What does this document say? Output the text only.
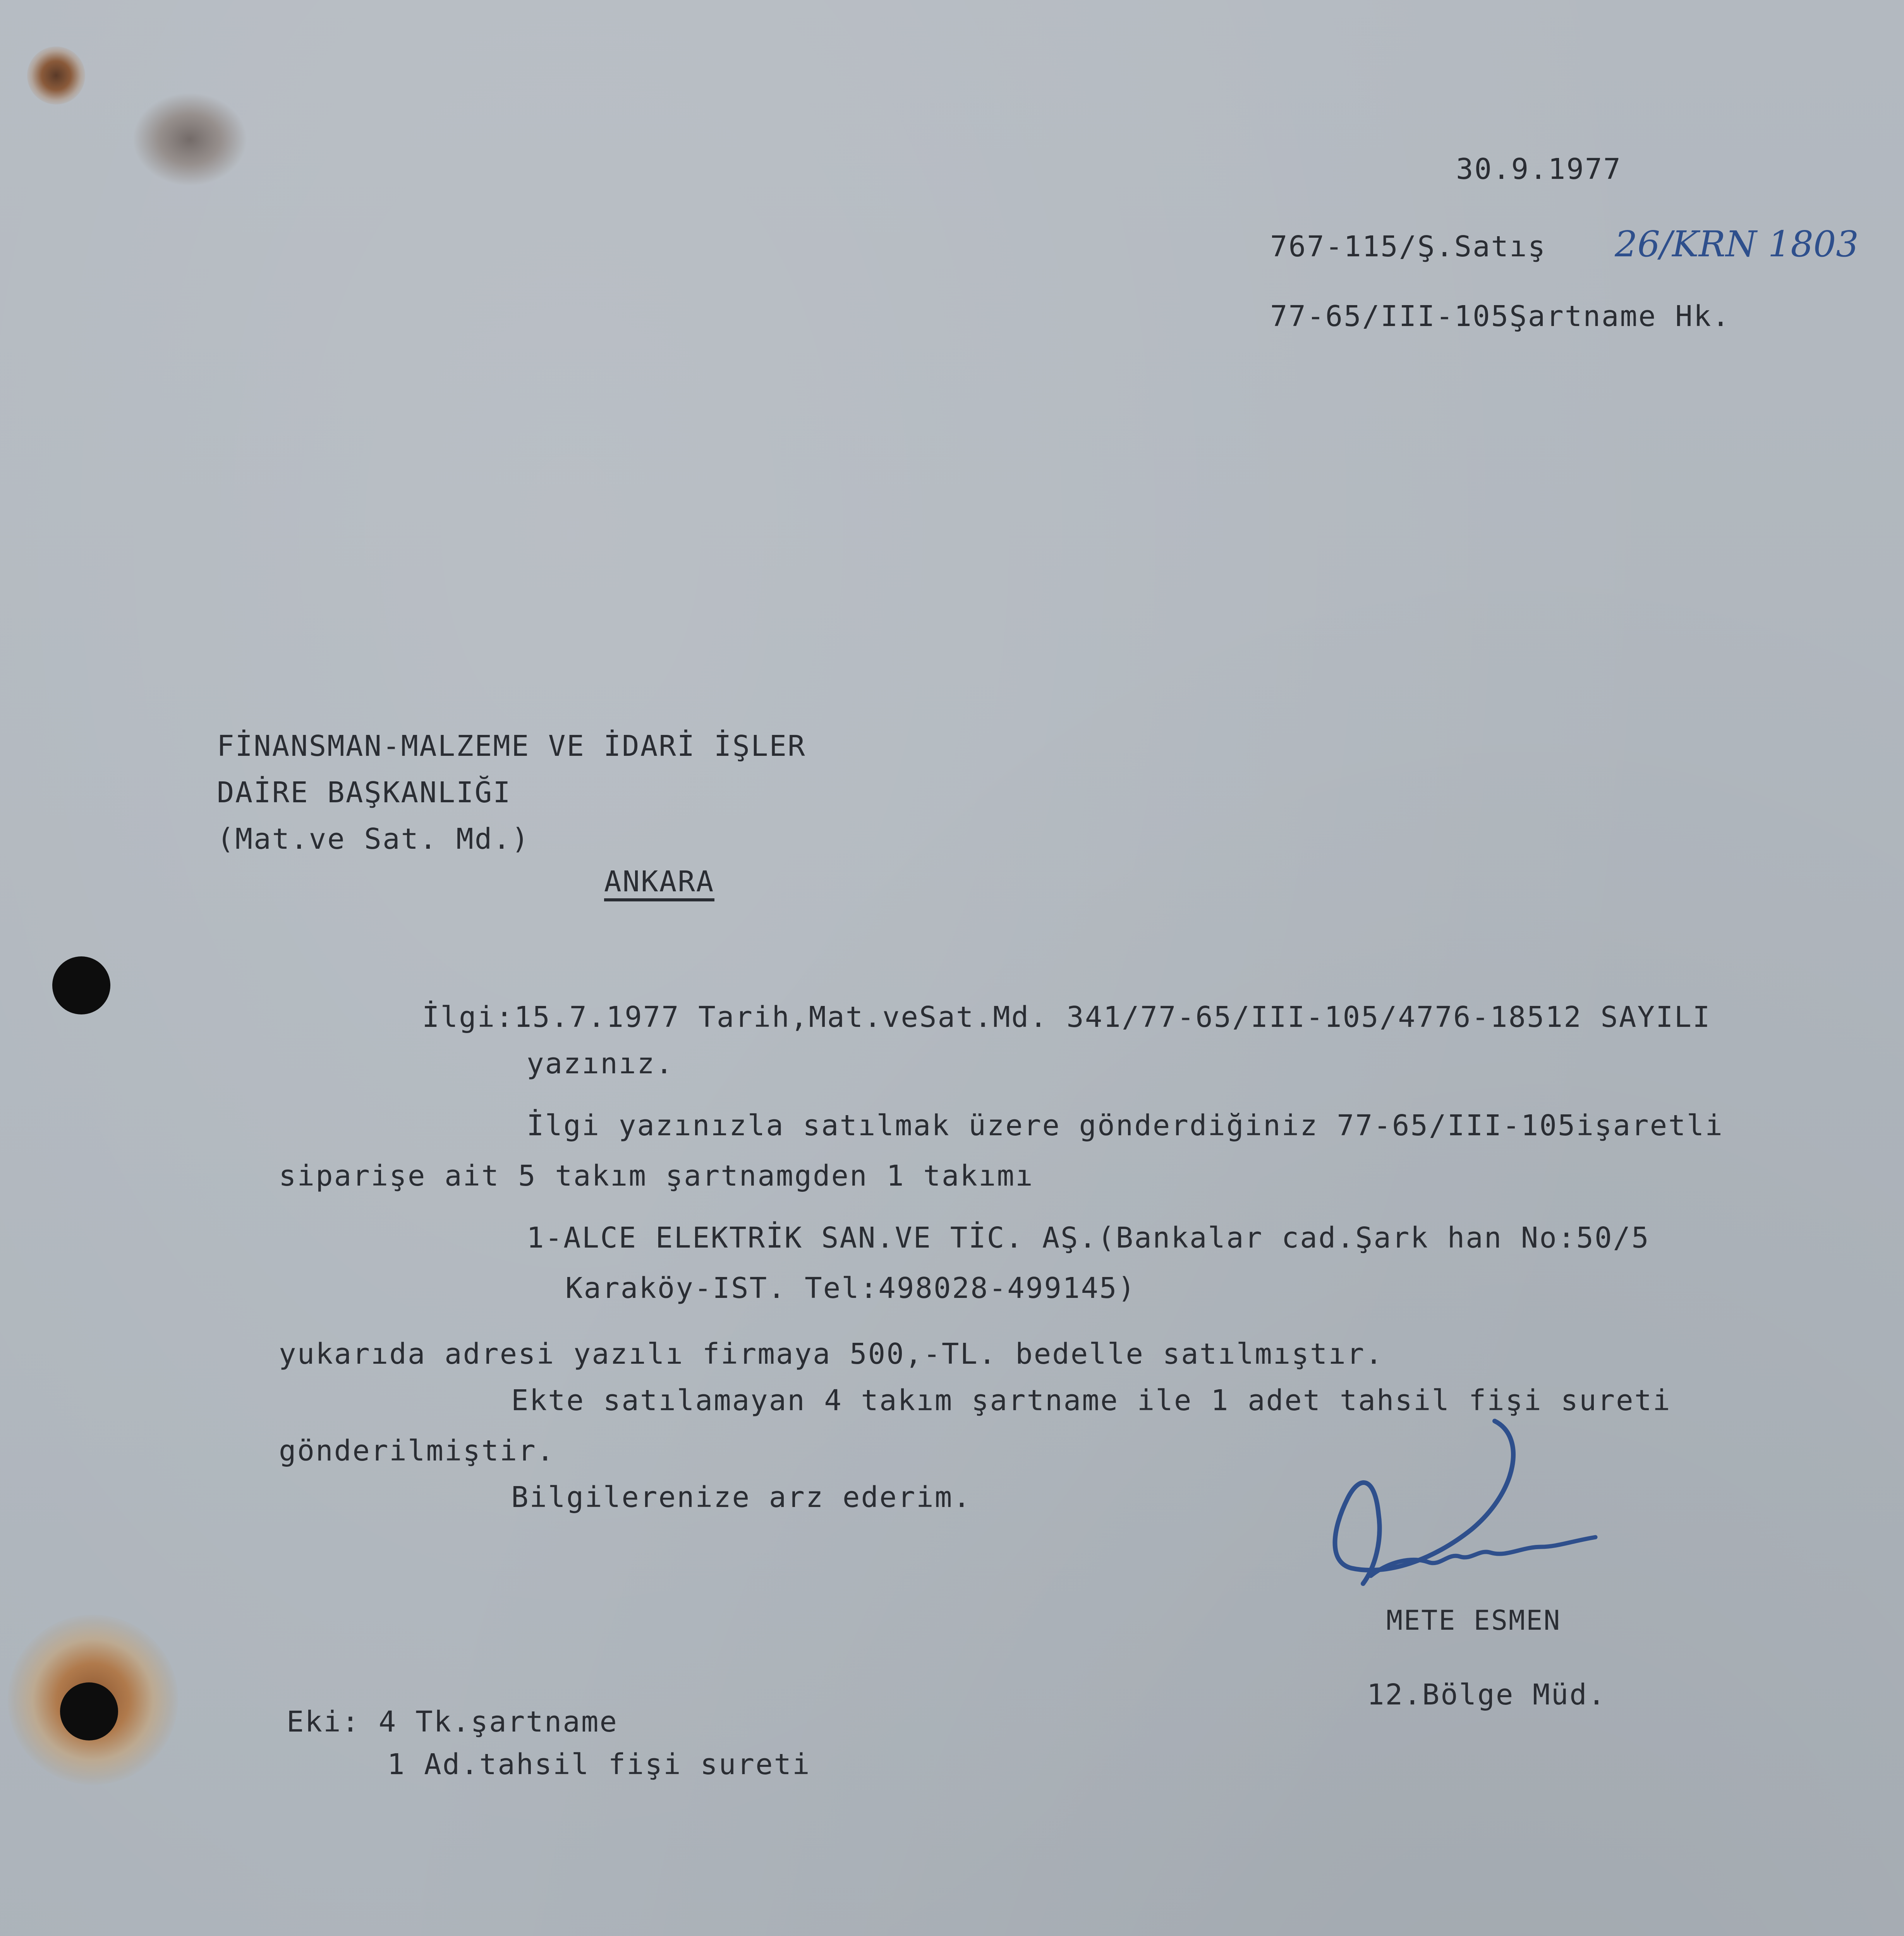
30.9.1977
767-115/Ş.Satış 26/KRN 1803
77-65/III-105Şartname Hk.
FİNANSMAN-MALZEME VE İDARİ İŞLER
DAİRE BAŞKANLIĞI
(Mat.ve Sat. Md.)
ANKARA
İlgi:15.7.1977 Tarih,Mat.veSat.Md. 341/77-65/III-105/4776-18512 SAYILI
yazınız.
İlgi yazınızla satılmak üzere gönderdiğiniz 77-65/III-105işaretli
siparişe ait 5 takım şartnamgden 1 takımı
1-ALCE ELEKTRİK SAN.VE TİC. AŞ.(Bankalar cad.Şark han No:50/5
Karaköy-IST. Tel:498028-499145)
yukarıda adresi yazılı firmaya 500,-TL. bedelle satılmıştır.
Ekte satılamayan 4 takım şartname ile 1 adet tahsil fişi sureti
gönderilmiştir.
Bilgilerenize arz ederim.
METE ESMEN
12.Bölge Müd.
Eki: 4 Tk.şartname
1 Ad.tahsil fişi sureti
